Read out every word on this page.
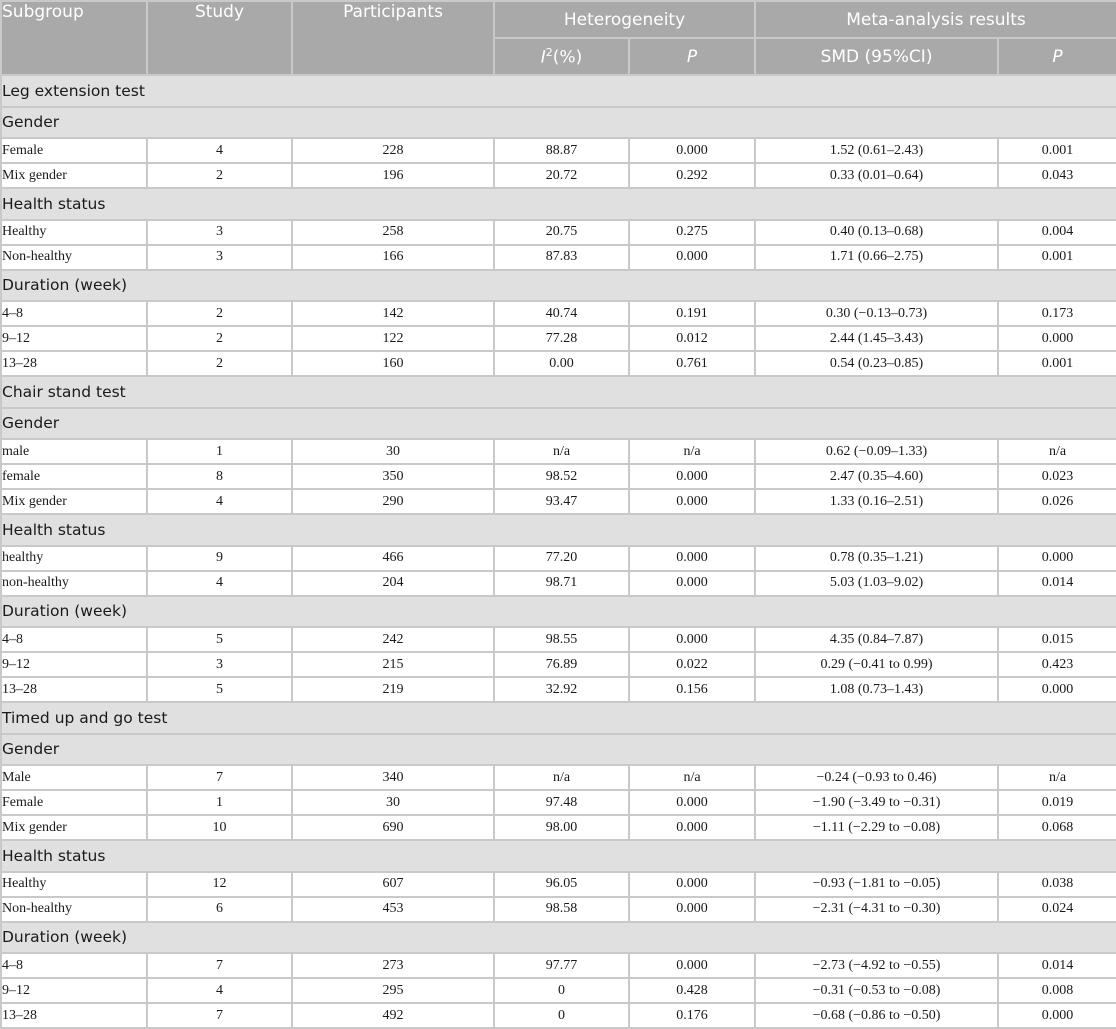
Subgroup	Study	Participants	Heterogeneity		Meta-analysis results	
			$I^2(\%)$	P	SMD (95%CI)	P
Leg extension test						
Gender						
Female	4	228	88.87	0.000	1.52 (0.61–2.43)	0.001
Mix gender	2	196	20.72	0.292	0.33 (0.01–0.64)	0.043
Health status						
Healthy	3	258	20.75	0.275	0.40 (0.13–0.68)	0.004
Non-healthy	3	166	87.83	0.000	1.71 (0.66–2.75)	0.001
Duration (week)						
4–8	2	142	40.74	0.191	0.30 (−0.13–0.73)	0.173
9–12	2	122	77.28	0.012	2.44 (1.45–3.43)	0.000
13–28	2	160	0.00	0.761	0.54 (0.23–0.85)	0.001
Chair stand test						
Gender						
male	1	30	n/a	n/a	0.62 (−0.09–1.33)	n/a
female	8	350	98.52	0.000	2.47 (0.35–4.60)	0.023
Mix gender	4	290	93.47	0.000	1.33 (0.16–2.51)	0.026
Health status						
healthy	9	466	77.20	0.000	0.78 (0.35–1.21)	0.000
non-healthy	4	204	98.71	0.000	5.03 (1.03–9.02)	0.014
Duration (week)						
4–8	5	242	98.55	0.000	4.35 (0.84–7.87)	0.015
9–12	3	215	76.89	0.022	0.29 (−0.41 to 0.99)	0.423
13–28	5	219	32.92	0.156	1.08 (0.73–1.43)	0.000
Timed up and go test						
Gender						
Male	7	340	n/a	n/a	−0.24 (−0.93 to 0.46)	n/a
Female	1	30	97.48	0.000	−1.90 (−3.49 to −0.31)	0.019
Mix gender	10	690	98.00	0.000	−1.11 (−2.29 to −0.08)	0.068
Health status						
Healthy	12	607	96.05	0.000	−0.93 (−1.81 to −0.05)	0.038
Non-healthy	6	453	98.58	0.000	−2.31 (−4.31 to −0.30)	0.024
Duration (week)						
4–8	7	273	97.77	0.000	−2.73 (−4.92 to −0.55)	0.014
9–12	4	295	0	0.428	−0.31 (−0.53 to −0.08)	0.008
13–28	7	492	0	0.176	−0.68 (−0.86 to −0.50)	0.000
